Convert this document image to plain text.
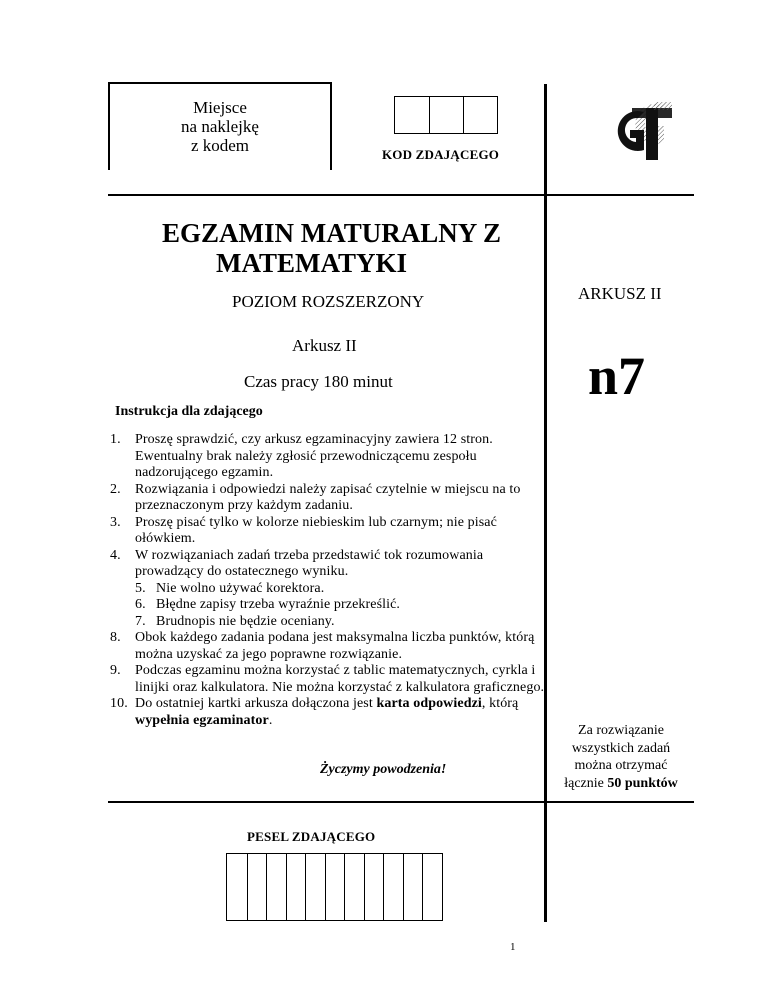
Miejsce
na naklejkę
z kodem	KOD ZDAJĄCEGO
EGZAMIN MATURALNY Z
MATEMATYKI
POZIOM ROZSZERZONY
Arkusz II
Czas pracy 180 minut
ARKUSZ II
n7
Instrukcja dla zdającego
1. Proszę sprawdzić, czy arkusz egzaminacyjny zawiera 12 stron. Ewentualny brak należy zgłosić przewodniczącemu zespołu nadzorującego egzamin.
2. Rozwiązania i odpowiedzi należy zapisać czytelnie w miejscu na to przeznaczonym przy każdym zadaniu.
3. Proszę pisać tylko w kolorze niebieskim lub czarnym; nie pisać ołówkiem.
4. W rozwiązaniach zadań trzeba przedstawić tok rozumowania prowadzący do ostatecznego wyniku.
5. Nie wolno używać korektora.
6. Błędne zapisy trzeba wyraźnie przekreślić.
7. Brudnopis nie będzie oceniany.
8. Obok każdego zadania podana jest maksymalna liczba punktów, którą można uzyskać za jego poprawne rozwiązanie.
9. Podczas egzaminu można korzystać z tablic matematycznych, cyrkla i linijki oraz kalkulatora. Nie można korzystać z kalkulatora graficznego.
10. Do ostatniej kartki arkusza dołączona jest karta odpowiedzi, którą wypełnia egzaminator.
Życzymy powodzenia!
Za rozwiązanie
wszystkich zadań
można otrzymać
łącznie 50 punktów
PESEL ZDAJĄCEGO
1
